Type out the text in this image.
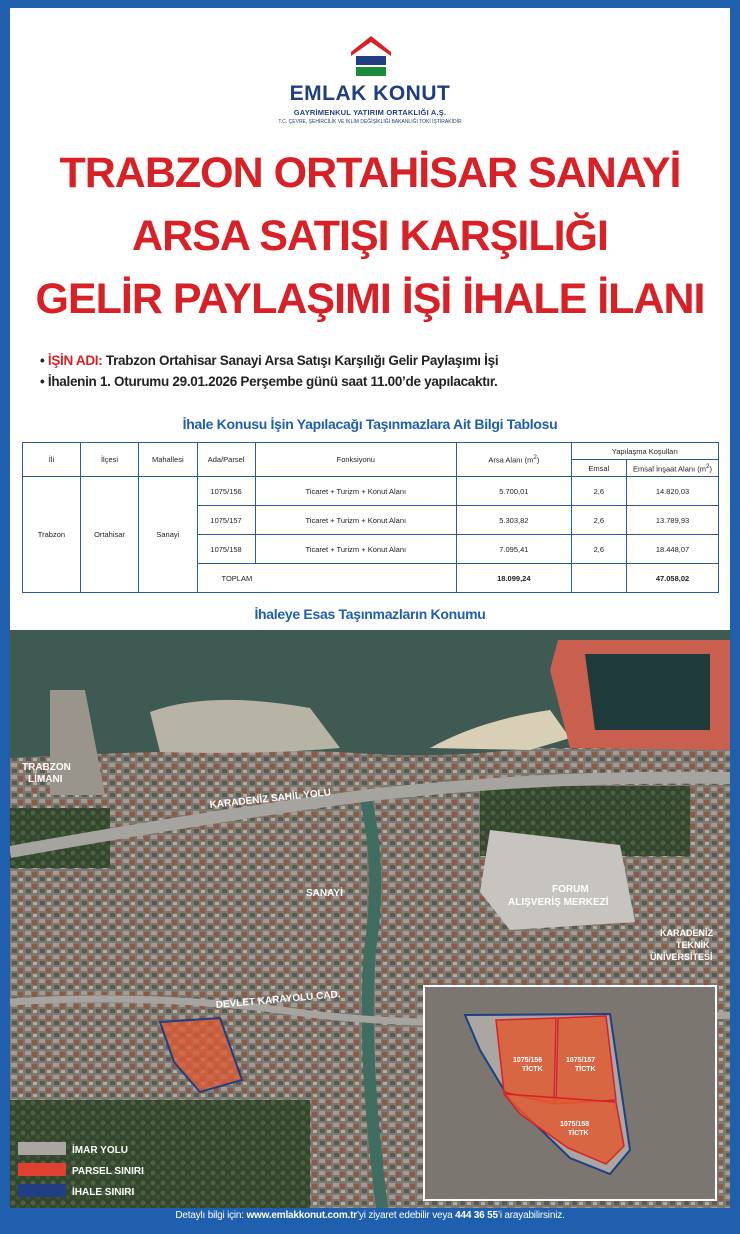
EMLAK KONUT
GAYRİMENKUL YATIRIM ORTAKLIĞI A.Ş.
T.C. ÇEVRE, ŞEHİRCİLİK VE İKLİM DEĞİŞİKLİĞİ BAKANLIĞI TOKİ İŞTİRAKİDİR
TRABZON ORTAHİSAR SANAYİ
ARSA SATIŞI KARŞILIĞI
GELİR PAYLAŞIMI İŞİ İHALE İLANI
• İŞİN ADI: Trabzon Ortahisar Sanayi Arsa Satışı Karşılığı Gelir Paylaşımı İşi
• İhalenin 1. Oturumu 29.01.2026 Perşembe günü saat 11.00’de yapılacaktır.
İhale Konusu İşin Yapılacağı Taşınmazlara Ait Bilgi Tablosu
İli	İlçesi	Mahallesi	Ada/Parsel	Fonksiyonu	Arsa Alanı $(m^2)$	Yapılaşma Koşulları	
						Emsal	Emsal İnşaat Alanı $(m^2)$
Trabzon	Ortahisar	Sanayi	1075/156	Ticaret + Turizm + Konut Alanı	5.700,01	2,6	14.820,03
			1075/157	Ticaret + Turizm + Konut Alanı	5.303,82	2,6	13.789,93
			1075/158	Ticaret + Turizm + Konut Alanı	7.095,41	2,6	18.448,07
			TOPLAM		18.099,24		47.058,02
İhaleye Esas Taşınmazların Konumu
TRABZON
LİMANI
KARADENİZ SAHİL YOLU
SANAYİ	FORUM
ALIŞVERİŞ MERKEZİ
KARADENİZ
TEKNİK
ÜNİVERSİTESİ
DEVLET KARAYOLU CAD.
1075/156
TİCTK
1075/157
TİCTK
1075/158
TİCTK
İMAR YOLU
PARSEL SINIRI
İHALE SINIRI
Detaylı bilgi için: www.emlakkonut.com.tr’yi ziyaret edebilir veya 444 36 55’i arayabilirsiniz.
